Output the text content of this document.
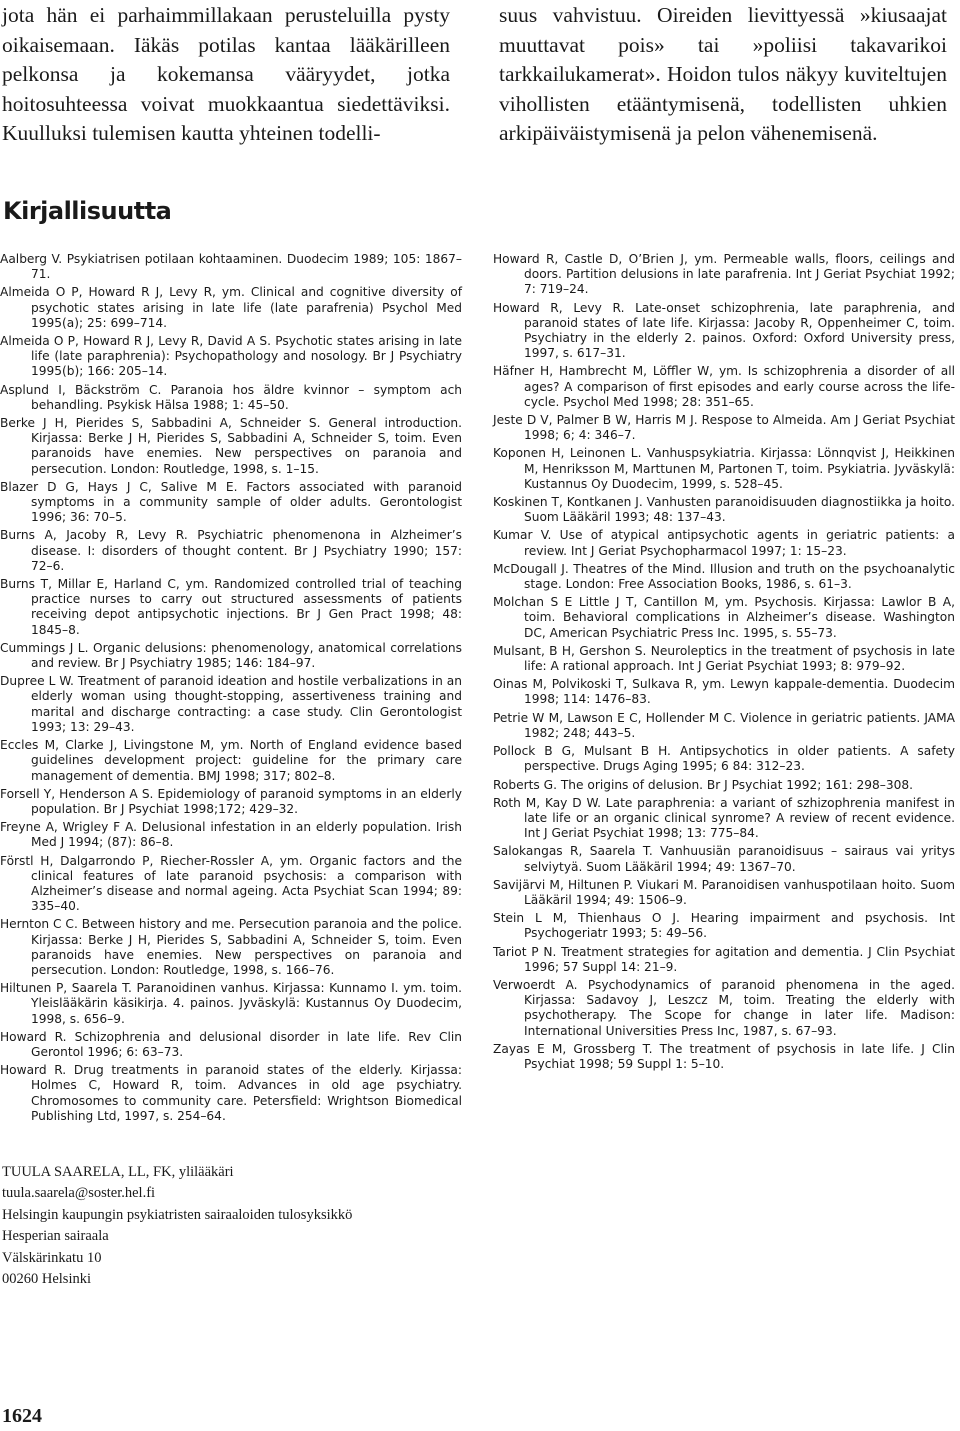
jota hän ei parhaimmillakaan perusteluilla pysty oikaisemaan. Iäkäs potilas kantaa lääkärilleen pelkonsa ja kokemansa vääryydet, jotka hoitosuhteessa voivat muokkaantua siedettäviksi. Kuulluksi tulemisen kautta yhteinen todelli-

suus vahvistuu. Oireiden lievittyessä »kiusaajat muuttavat pois» tai »poliisi takavarikoi tarkkailukamerat». Hoidon tulos näkyy kuviteltujen vihollisten etääntymisenä, todellisten uhkien arkipäiväistymisenä ja pelon vähenemisenä.

Kirjallisuutta
Aalberg V. Psykiatrisen potilaan kohtaaminen. Duodecim 1989; 105: 1867–71.
Almeida O P, Howard R J, Levy R, ym. Clinical and cognitive diversity of psychotic states arising in late life (late parafrenia) Psychol Med 1995(a); 25: 699–714.
Almeida O P, Howard R J, Levy R, David A S. Psychotic states arising in late life (late paraphrenia): Psychopathology and nosology. Br J Psychiatry 1995(b); 166: 205–14.
Asplund I, Bäckström C. Paranoia hos äldre kvinnor – symptom ach behandling. Psykisk Hälsa 1988; 1: 45–50.
Berke J H, Pierides S, Sabbadini A, Schneider S. General introduction. Kirjassa: Berke J H, Pierides S, Sabbadini A, Schneider S, toim. Even paranoids have enemies. New perspectives on paranoia and persecution. London: Routledge, 1998, s. 1–15.
Blazer D G, Hays J C, Salive M E. Factors associated with paranoid symptoms in a community sample of older adults. Gerontologist 1996; 36: 70–5.
Burns A, Jacoby R, Levy R. Psychiatric phenomenona in Alzheimer’s disease. I: disorders of thought content. Br J Psychiatry 1990; 157: 72–6.
Burns T, Millar E, Harland C, ym. Randomized controlled trial of teaching practice nurses to carry out structured assessments of patients receiving depot antipsychotic injections. Br J Gen Pract 1998; 48: 1845–8.
Cummings J L. Organic delusions: phenomenology, anatomical correlations and review. Br J Psychiatry 1985; 146: 184–97.
Dupree L W. Treatment of paranoid ideation and hostile verbalizations in an elderly woman using thought-stopping, assertiveness training and marital and discharge contracting: a case study. Clin Gerontologist 1993; 13: 29–43.
Eccles M, Clarke J, Livingstone M, ym. North of England evidence based guidelines development project: guideline for the primary care management of dementia. BMJ 1998; 317; 802–8.
Forsell Y, Henderson A S. Epidemiology of paranoid symptoms in an elderly population. Br J Psychiat 1998;172; 429–32.
Freyne A, Wrigley F A. Delusional infestation in an elderly population. Irish Med J 1994; (87): 86–8.
Förstl H, Dalgarrondo P, Riecher-Rossler A, ym. Organic factors and the clinical features of late paranoid psychosis: a comparison with Alzheimer’s disease and normal ageing. Acta Psychiat Scan 1994; 89: 335–40.
Hernton C C. Between history and me. Persecution paranoia and the police. Kirjassa: Berke J H, Pierides S, Sabbadini A, Schneider S, toim. Even paranoids have enemies. New perspectives on paranoia and persecution. London: Routledge, 1998, s. 166–76.
Hiltunen P, Saarela T. Paranoidinen vanhus. Kirjassa: Kunnamo I. ym. toim. Yleislääkärin käsikirja. 4. painos. Jyväskylä: Kustannus Oy Duodecim, 1998, s. 656–9.
Howard R. Schizophrenia and delusional disorder in late life. Rev Clin Gerontol 1996; 6: 63–73.
Howard R. Drug treatments in paranoid states of the elderly. Kirjassa: Holmes C, Howard R, toim. Advances in old age psychiatry. Chromosomes to community care. Petersfield: Wrightson Biomedical Publishing Ltd, 1997, s. 254–64.
Howard R, Castle D, O’Brien J, ym. Permeable walls, floors, ceilings and doors. Partition delusions in late parafrenia. Int J Geriat Psychiat 1992; 7: 719–24.
Howard R, Levy R. Late-onset schizophrenia, late paraphrenia, and paranoid states of late life. Kirjassa: Jacoby R, Oppenheimer C, toim. Psychiatry in the elderly 2. painos. Oxford: Oxford University press, 1997, s. 617–31.
Häfner H, Hambrecht M, Löffler W, ym. Is schizophrenia a disorder of all ages? A comparison of first episodes and early course across the life-cycle. Psychol Med 1998; 28: 351–65.
Jeste D V, Palmer B W, Harris M J. Respose to Almeida. Am J Geriat Psychiat 1998; 6; 4: 346–7.
Koponen H, Leinonen L. Vanhuspsykiatria. Kirjassa: Lönnqvist J, Heikkinen M, Henriksson M, Marttunen M, Partonen T, toim. Psykiatria. Jyväskylä: Kustannus Oy Duodecim, 1999, s. 528–45.
Koskinen T, Kontkanen J. Vanhusten paranoidisuuden diagnostiikka ja hoito. Suom Lääkäril 1993; 48: 137–43.
Kumar V. Use of atypical antipsychotic agents in geriatric patients: a review. Int J Geriat Psychopharmacol 1997; 1: 15–23.
McDougall J. Theatres of the Mind. Illusion and truth on the psychoanalytic stage. London: Free Association Books, 1986, s. 61–3.
Molchan S E Little J T, Cantillon M, ym. Psychosis. Kirjassa: Lawlor B A, toim. Behavioral complications in Alzheimer’s disease. Washington DC, American Psychiatric Press Inc. 1995, s. 55–73.
Mulsant, B H, Gershon S. Neuroleptics in the treatment of psychosis in late life: A rational approach. Int J Geriat Psychiat 1993; 8: 979–92.
Oinas M, Polvikoski T, Sulkava R, ym. Lewyn kappale-dementia. Duodecim 1998; 114: 1476–83.
Petrie W M, Lawson E C, Hollender M C. Violence in geriatric patients. JAMA 1982; 248; 443–5.
Pollock B G, Mulsant B H. Antipsychotics in older patients. A safety perspective. Drugs Aging 1995; 6 84: 312–23.
Roberts G. The origins of delusion. Br J Psychiat 1992; 161: 298–308.
Roth M, Kay D W. Late paraphrenia: a variant of szhizophrenia manifest in late life or an organic clinical synrome? A review of recent evidence. Int J Geriat Psychiat 1998; 13: 775–84.
Salokangas R, Saarela T. Vanhuusiän paranoidisuus – sairaus vai yritys selviytyä. Suom Lääkäril 1994; 49: 1367–70.
Savijärvi M, Hiltunen P. Viukari M. Paranoidisen vanhuspotilaan hoito. Suom Lääkäril 1994; 49: 1506–9.
Stein L M, Thienhaus O J. Hearing impairment and psychosis. Int Psychogeriatr 1993; 5: 49–56.
Tariot P N. Treatment strategies for agitation and dementia. J Clin Psychiat 1996; 57 Suppl 14: 21–9.
Verwoerdt A. Psychodynamics of paranoid phenomena in the aged. Kirjassa: Sadavoy J, Leszcz M, toim. Treating the elderly with psychotherapy. The Scope for change in later life. Madison: International Universities Press Inc, 1987, s. 67–93.
Zayas E M, Grossberg T. The treatment of psychosis in late life. J Clin Psychiat 1998; 59 Suppl 1: 5–10.
TUULA SAARELA, LL, FK, ylilääkäri
tuula.saarela@soster.hel.fi
Helsingin kaupungin psykiatristen sairaaloiden tulosyksikkö
Hesperian sairaala
Välskärinkatu 10
00260 Helsinki
1624
